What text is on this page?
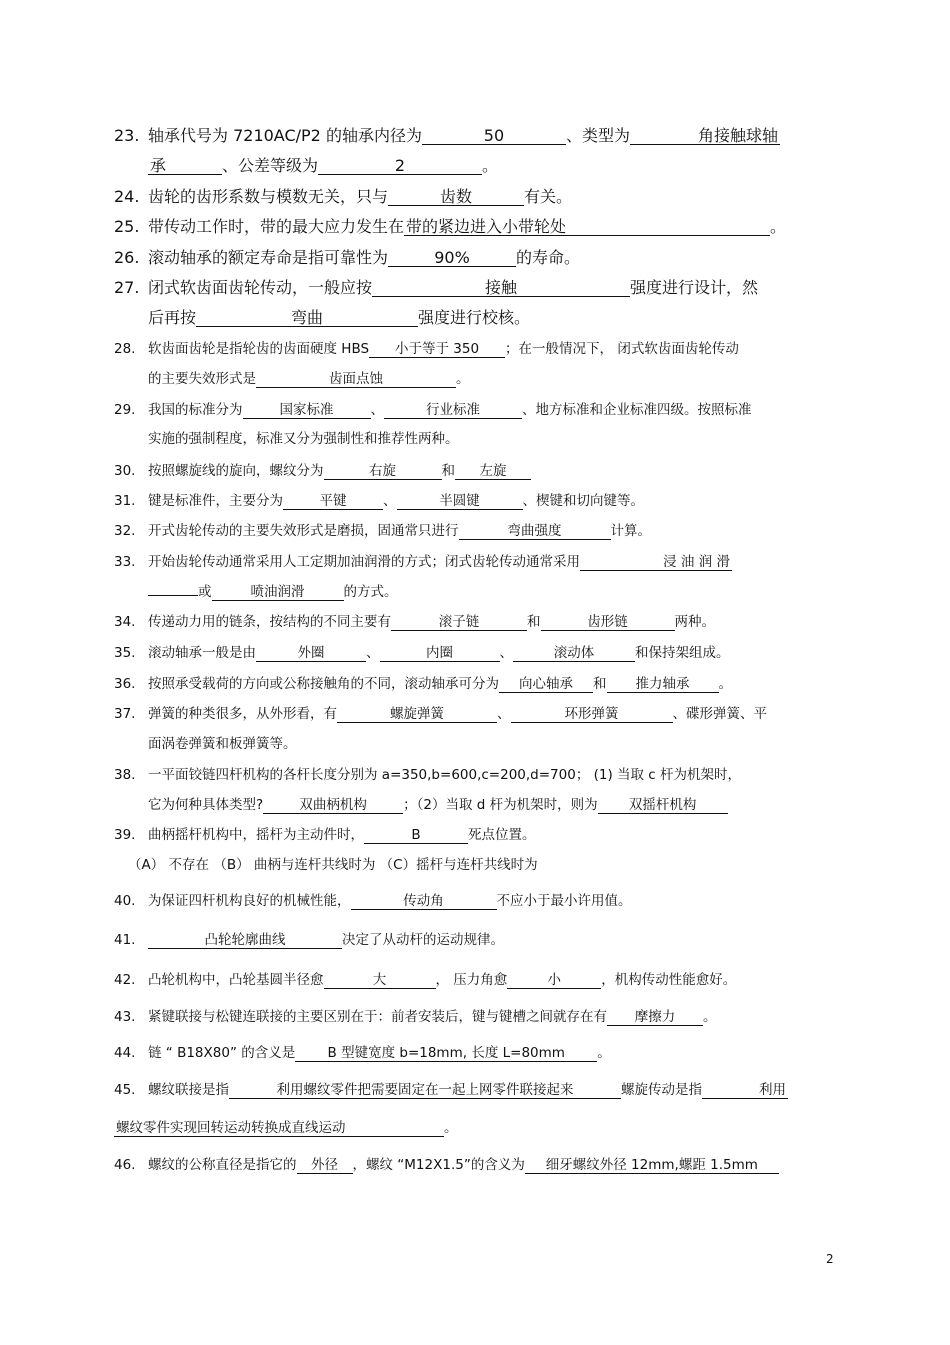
23. 轴承代号为 7210AC/P2 的轴承内径为	50	、类型为	角接触球轴
承	、公差等级为	2	。
24. 齿轮的齿形系数与模数无关，只与	齿数	有关。
25. 带传动工作时，带的最大应力发生在 带的紧边进入小带轮处	。
26. 滚动轴承的额定寿命是指可靠性为	90%	的寿命。
27. 闭式软齿面齿轮传动，一般应按	接触	强度进行设计，然
后再按	弯曲	强度进行校核。
28. 软齿面齿轮是指轮齿的齿面硬度 HBS 小于等于 350 ；在一般情况下， 闭式软齿面齿轮传动
的主要失效形式是	齿面点蚀	。
29. 我国的标准分为	国家标准	、	行业标准	、地方标准和企业标准四级。按照标准
实施的强制程度，标准又分为强制性和推荐性两种。
30. 按照螺旋线的旋向，螺纹分为	右旋	和 左旋
31. 键是标准件，主要分为	平键	、	半圆键	、楔键和切向键等。
32. 开式齿轮传动的主要失效形式是磨损，固通常只进行	弯曲强度	计算。
33. 开始齿轮传动通常采用人工定期加油润滑的方式；闭式齿轮传动通常采用	浸 油 润 滑
或	喷油润滑	的方式。
34. 传递动力用的链条，按结构的不同主要有	滚子链	和	齿形链	两种。
35. 滚动轴承一般是由	外圈	、	内圈	、	滚动体	和保持架组成。
36. 按照承受载荷的方向或公称接触角的不同，滚动轴承可分为 向心轴承 和 推力轴承 。
37. 弹簧的种类很多，从外形看，有	螺旋弹簧	、	环形弹簧	、碟形弹簧、平
面涡卷弹簧和板弹簧等。
38. 一平面铰链四杆机构的各杆长度分别为 a=350,b=600,c=200,d=700； (1) 当取 c 杆为机架时，
它为何种具体类型?	双曲柄机构	；（2）当取 d 杆为机架时，则为 双摇杆机构
39. 曲柄摇杆机构中，摇杆为主动件时，	B	死点位置。
40. 为保证四杆机构良好的机械性能，	传动角	不应小于最小许用值。
41.	凸轮轮廓曲线	决定了从动杆的运动规律。
42. 凸轮机构中，凸轮基圆半径愈	大	， 压力角愈	小	，机构传动性能愈好。
43. 紧键联接与松键连联接的主要区别在于：前者安装后，键与键槽之间就存在有 摩擦力 。
44. 链 “ B18X80” 的含义是 B 型键宽度 b=18mm, 长度 L=80mm 。
45. 螺纹联接是指	利用螺纹零件把需要固定在一起上网零件联接起来	螺旋传动是指	利用
46. 螺纹的公称直径是指它的 外径 ，螺纹 “M12X1.5”的含义为 细牙螺纹外径 12mm,螺距 1.5mm
（A） 不存在 （B） 曲柄与连杆共线时为 （C）摇杆与连杆共线时为
螺纹零件实现回转运动转换成直线运动	。
2
